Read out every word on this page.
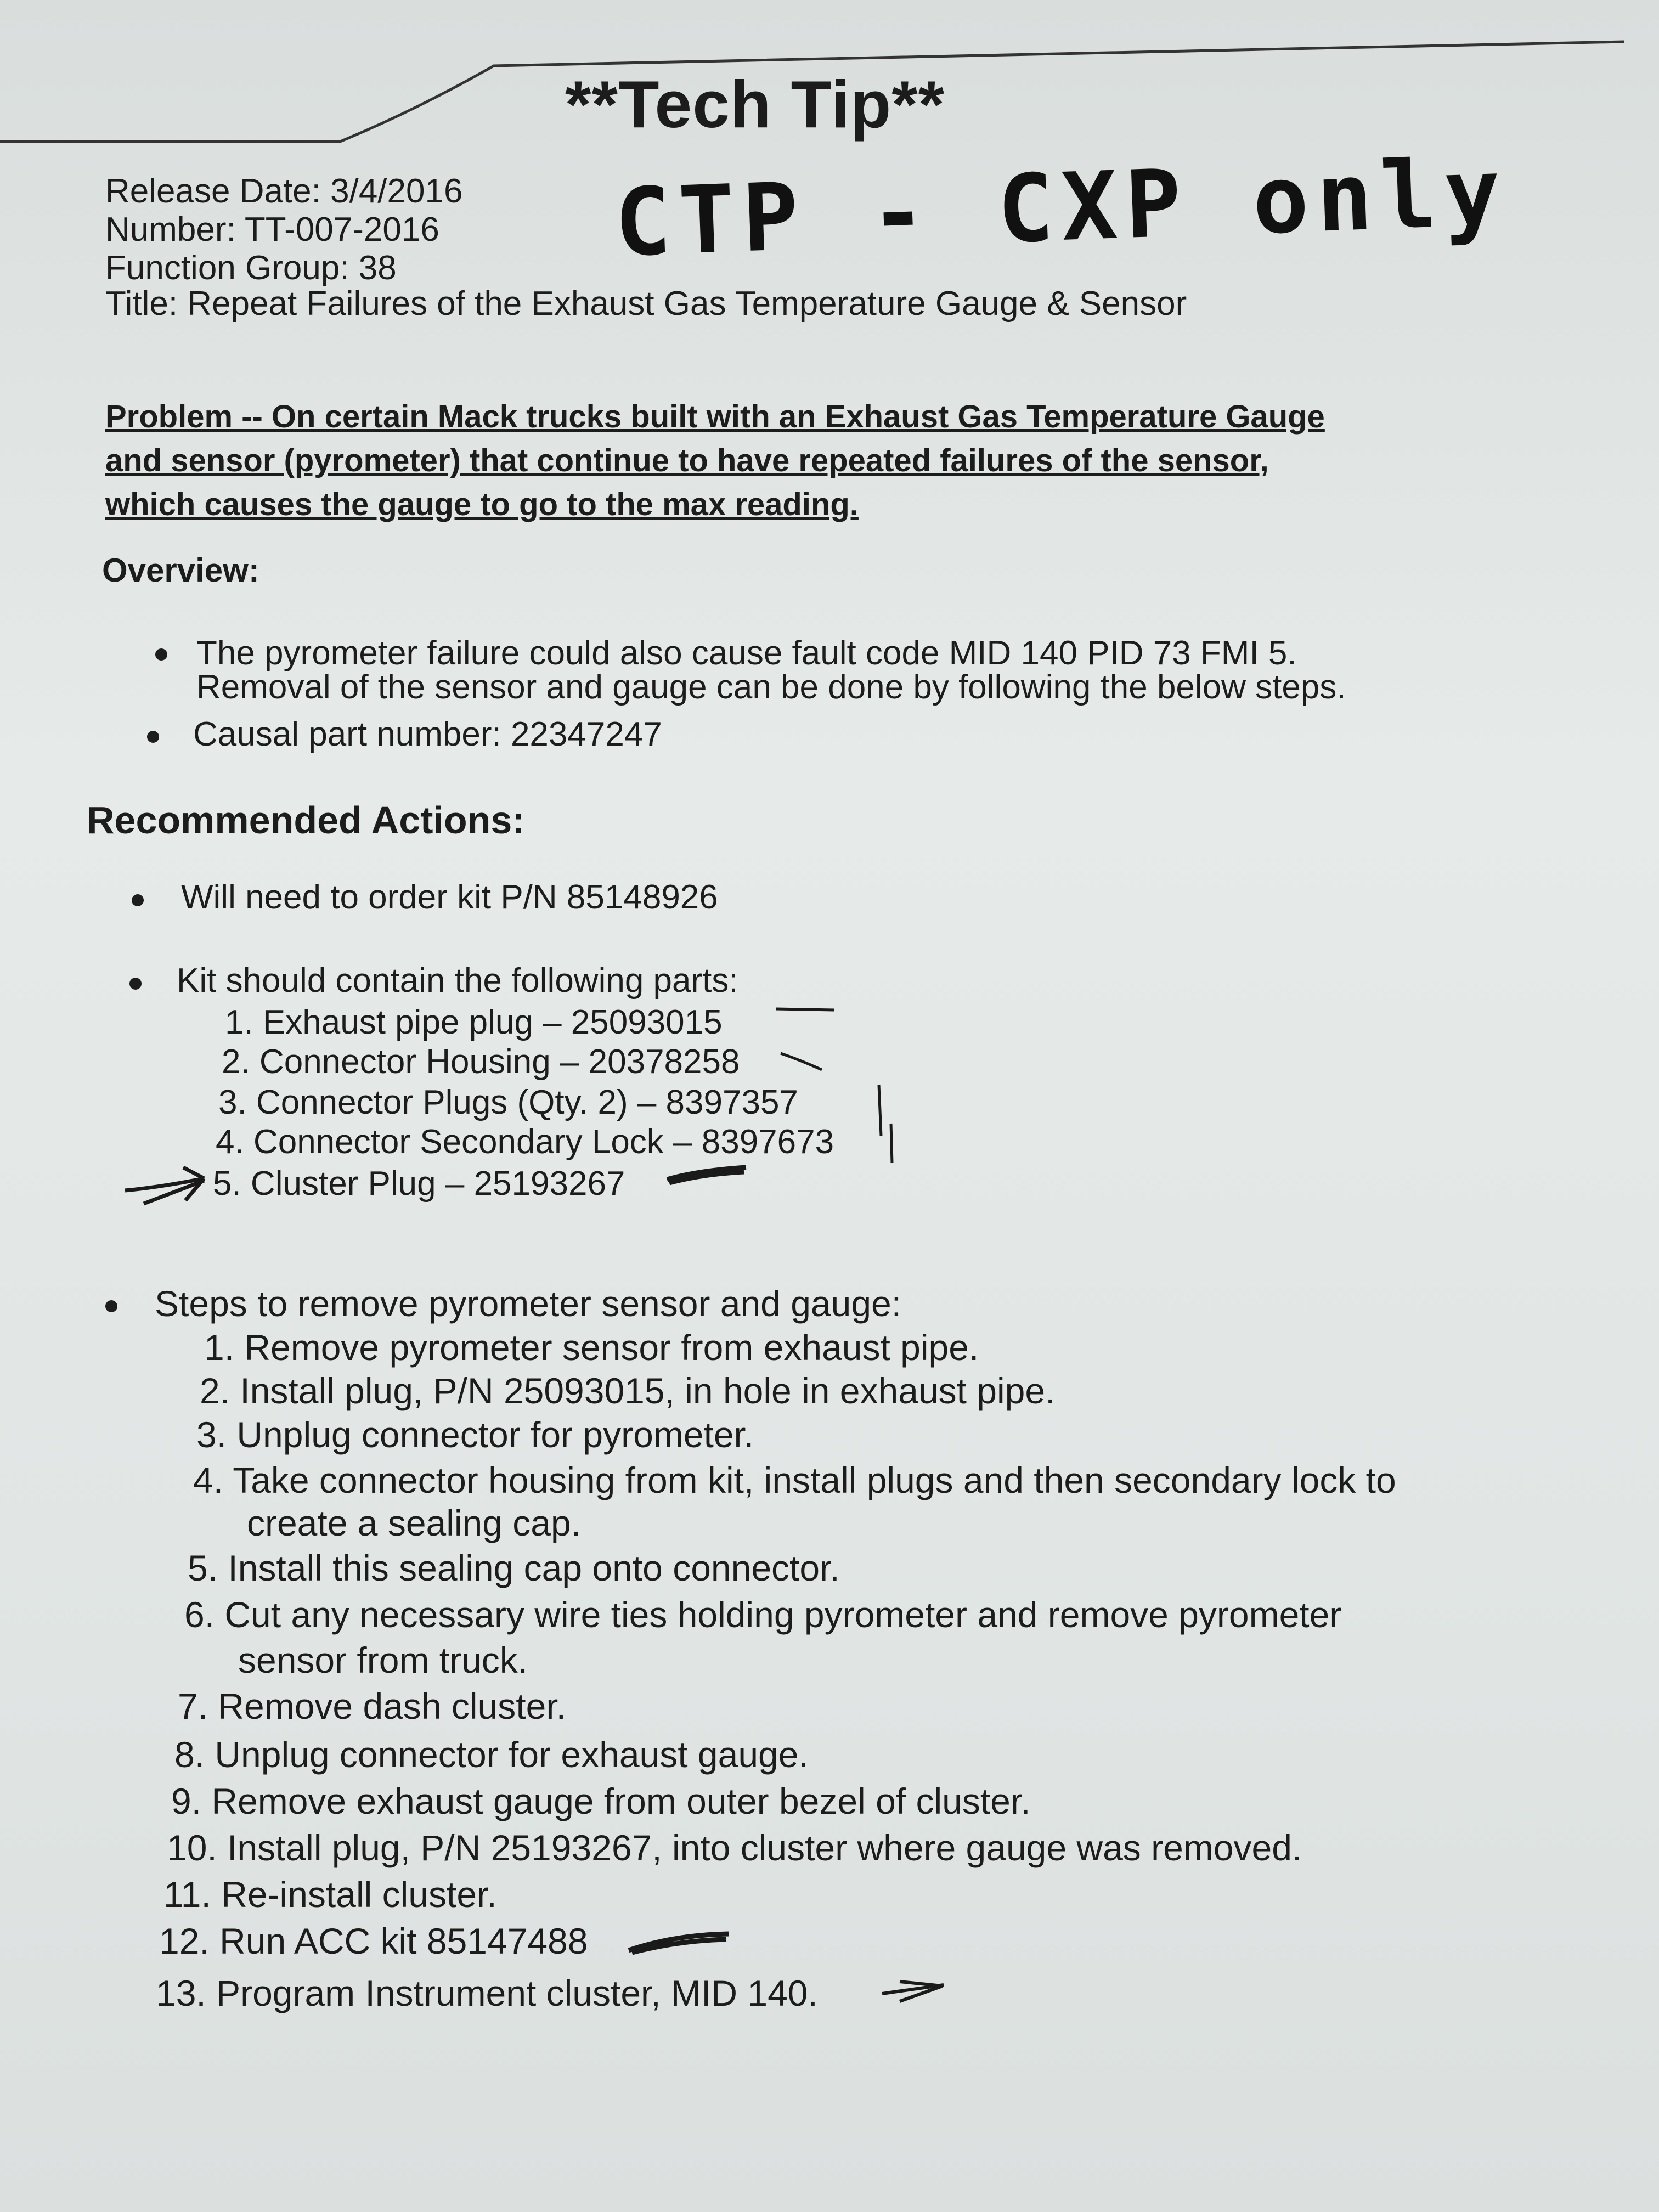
**Tech Tip**
CTP - CXP only
Release Date: 3/4/2016
Number: TT-007-2016
Function Group: 38
Title: Repeat Failures of the Exhaust Gas Temperature Gauge & Sensor
Problem -- On certain Mack trucks built with an Exhaust Gas Temperature Gauge
and sensor (pyrometer) that continue to have repeated failures of the sensor,
which causes the gauge to go to the max reading.
Overview:
The pyrometer failure could also cause fault code MID 140 PID 73 FMI 5.
Removal of the sensor and gauge can be done by following the below steps.
Causal part number: 22347247
Recommended Actions:
Will need to order kit P/N 85148926
Kit should contain the following parts:
1. Exhaust pipe plug – 25093015
2. Connector Housing – 20378258
3. Connector Plugs (Qty. 2) – 8397357
4. Connector Secondary Lock – 8397673
5. Cluster Plug – 25193267
Steps to remove pyrometer sensor and gauge:
1. Remove pyrometer sensor from exhaust pipe.
2. Install plug, P/N 25093015, in hole in exhaust pipe.
3. Unplug connector for pyrometer.
4. Take connector housing from kit, install plugs and then secondary lock to
create a sealing cap.
5. Install this sealing cap onto connector.
6. Cut any necessary wire ties holding pyrometer and remove pyrometer
sensor from truck.
7. Remove dash cluster.
8. Unplug connector for exhaust gauge.
9. Remove exhaust gauge from outer bezel of cluster.
10. Install plug, P/N 25193267, into cluster where gauge was removed.
11. Re-install cluster.
12. Run ACC kit 85147488
13. Program Instrument cluster, MID 140.
